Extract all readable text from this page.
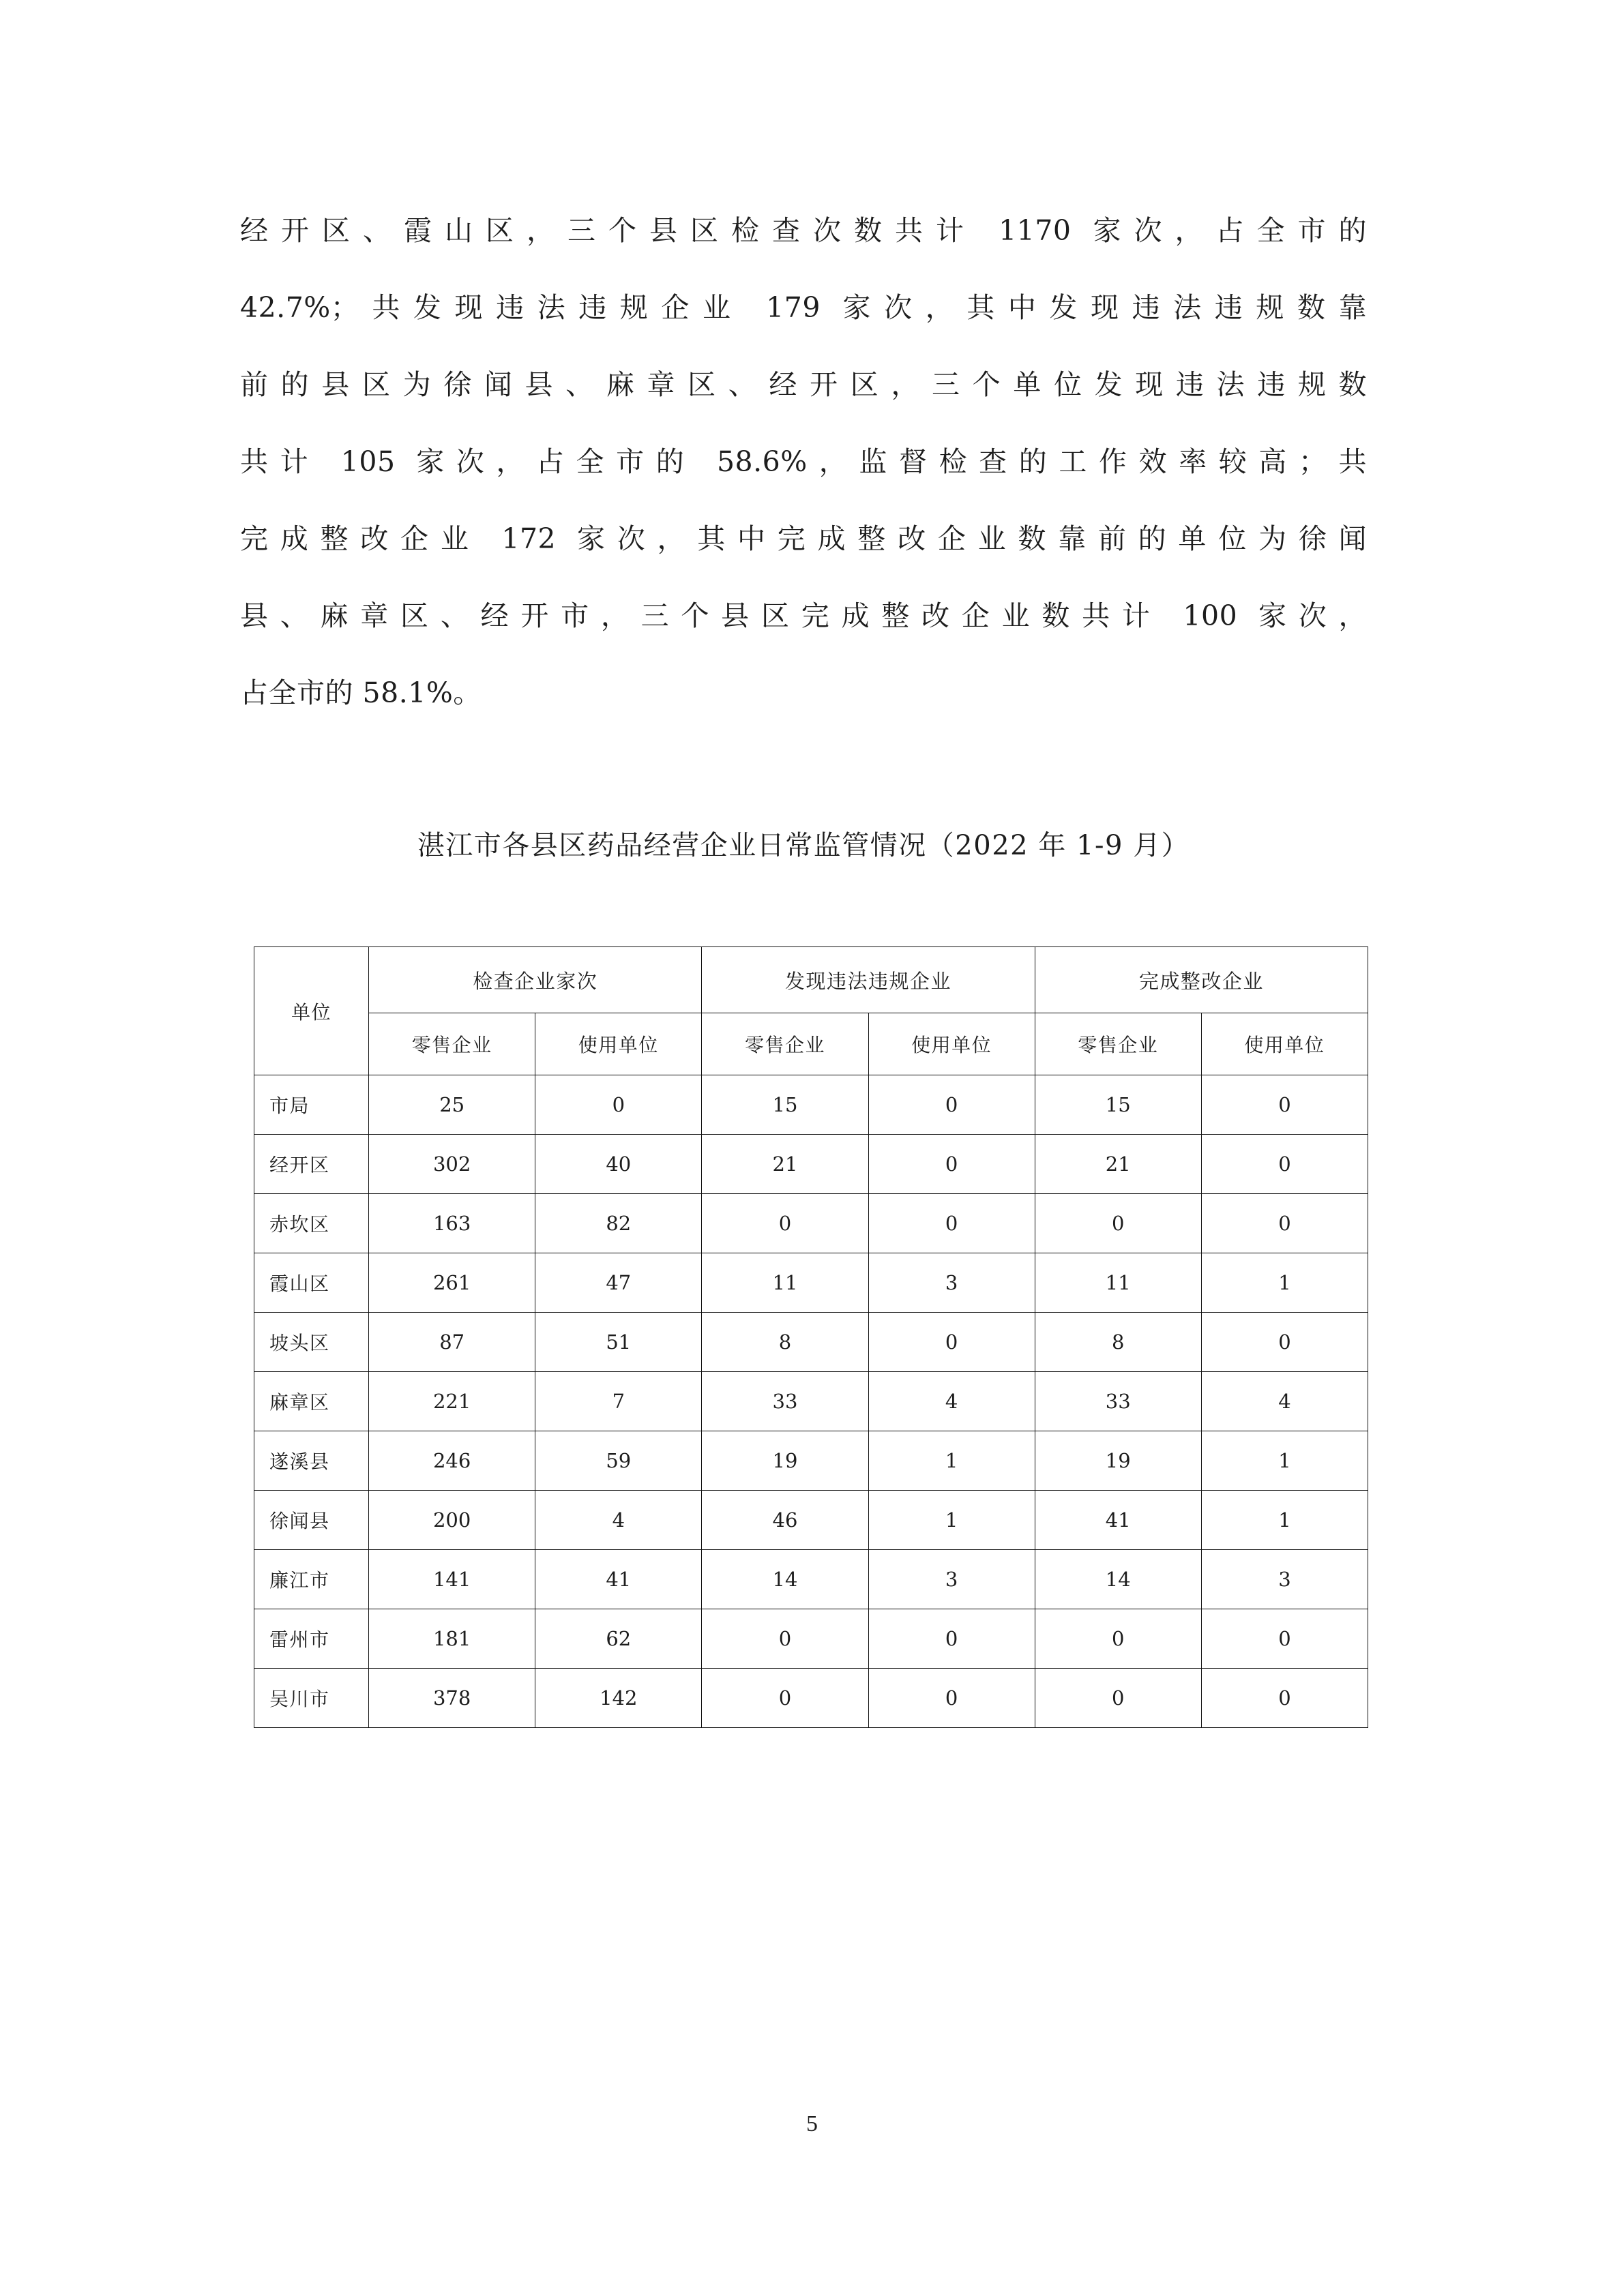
经开区、霞山区，三个县区检查次数共计 1170 家次，占全市的
42.7%；共发现违法违规企业 179 家次，其中发现违法违规数靠
前的县区为徐闻县、麻章区、经开区，三个单位发现违法违规数
共计 105 家次，占全市的 58.6%，监督检查的工作效率较高；共
完成整改企业 172 家次，其中完成整改企业数靠前的单位为徐闻
县、麻章区、经开市，三个县区完成整改企业数共计 100 家次，
占全市的 58.1%。
湛江市各县区药品经营企业日常监管情况（2022 年 1-9 月）
单位	检查企业家次		发现违法违规企业		完成整改企业	
	零售企业	使用单位	零售企业	使用单位	零售企业	使用单位
市局	25	0	15	0	15	0
经开区	302	40	21	0	21	0
赤坎区	163	82	0	0	0	0
霞山区	261	47	11	3	11	1
坡头区	87	51	8	0	8	0
麻章区	221	7	33	4	33	4
遂溪县	246	59	19	1	19	1
徐闻县	200	4	46	1	41	1
廉江市	141	41	14	3	14	3
雷州市	181	62	0	0	0	0
吴川市	378	142	0	0	0	0
5
